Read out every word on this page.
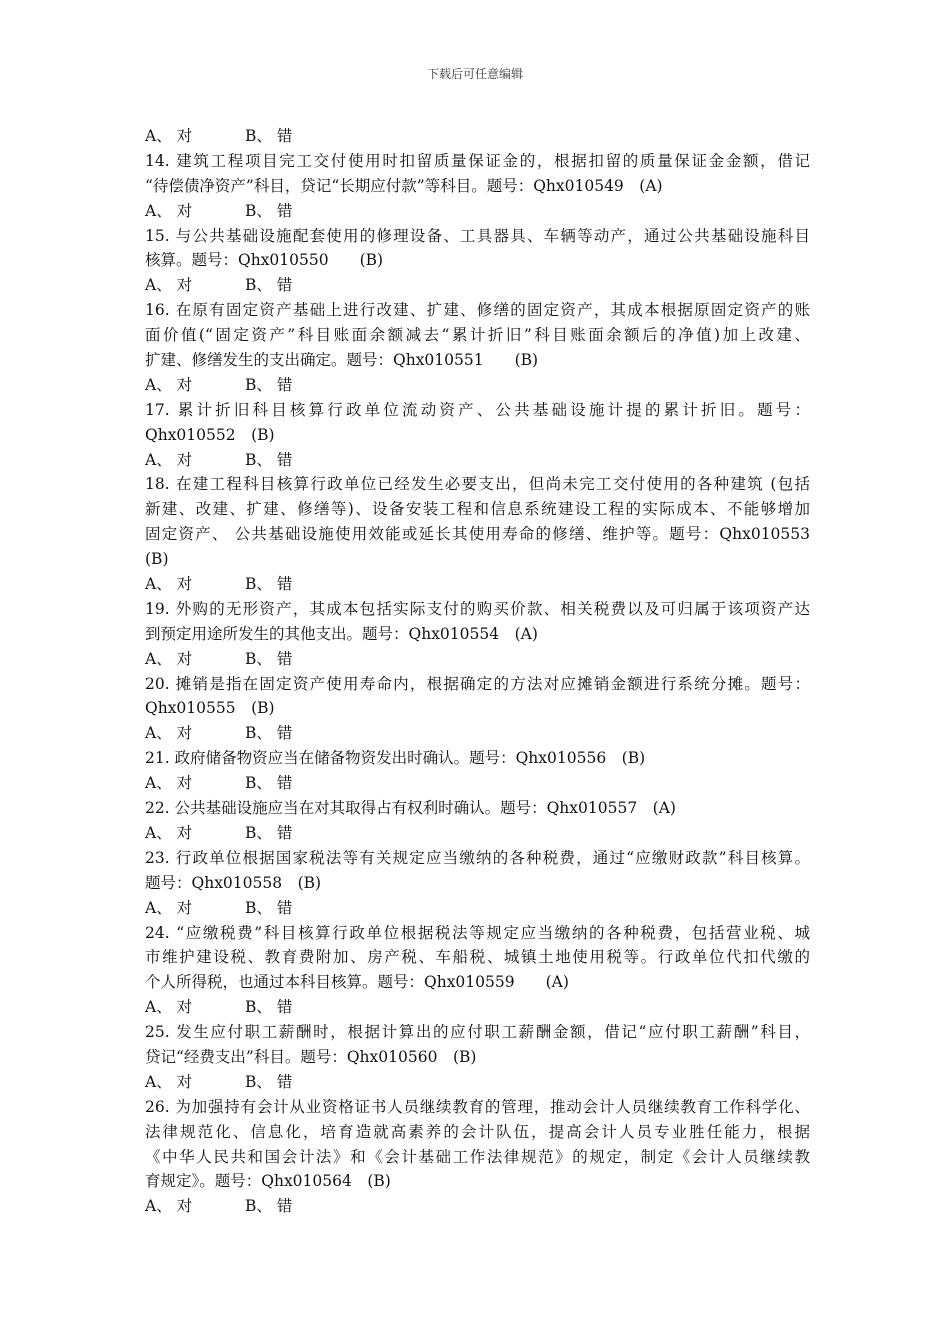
下载后可任意编辑
A、 对	B、 错
14. 建筑工程项目完工交付使用时扣留质量保证金的，根据扣留的质量保证金金额，借记
“待偿债净资产”科目，贷记“长期应付款”等科目。题号：Qhx010549　(A)
A、 对	B、 错
15. 与公共基础设施配套使用的修理设备、工具器具、车辆等动产，通过公共基础设施科目
核算。题号：Qhx010550　　(B)
A、 对	B、 错
16. 在原有固定资产基础上进行改建、扩建、修缮的固定资产，其成本根据原固定资产的账
面价值(“固定资产”科目账面余额减去“累计折旧”科目账面余额后的净值)加上改建、
扩建、修缮发生的支出确定。题号：Qhx010551　　(B)
A、 对	B、 错
17. 累计折旧科目核算行政单位流动资产、公共基础设施计提的累计折旧。题号：
Qhx010552　(B)
A、 对	B、 错
18. 在建工程科目核算行政单位已经发生必要支出，但尚未完工交付使用的各种建筑 (包括
新建、改建、扩建、修缮等)、设备安装工程和信息系统建设工程的实际成本、不能够增加
固定资产、 公共基础设施使用效能或延长其使用寿命的修缮、维护等。题号：Qhx010553
(B)
A、 对	B、 错
19. 外购的无形资产，其成本包括实际支付的购买价款、相关税费以及可归属于该项资产达
到预定用途所发生的其他支出。题号：Qhx010554　(A)
A、 对	B、 错
20. 摊销是指在固定资产使用寿命内，根据确定的方法对应摊销金额进行系统分摊。题号：
Qhx010555　(B)
A、 对	B、 错
21. 政府储备物资应当在储备物资发出时确认。题号：Qhx010556　(B)
A、 对	B、 错
22. 公共基础设施应当在对其取得占有权利时确认。题号：Qhx010557　(A)
A、 对	B、 错
23. 行政单位根据国家税法等有关规定应当缴纳的各种税费，通过“应缴财政款”科目核算。
题号：Qhx010558　(B)
A、 对	B、 错
24. “应缴税费”科目核算行政单位根据税法等规定应当缴纳的各种税费，包括营业税、城
市维护建设税、教育费附加、房产税、车船税、城镇土地使用税等。行政单位代扣代缴的
个人所得税，也通过本科目核算。题号：Qhx010559　　(A)
A、 对	B、 错
25. 发生应付职工薪酬时，根据计算出的应付职工薪酬金额，借记“应付职工薪酬”科目，
贷记“经费支出”科目。题号：Qhx010560　(B)
A、 对	B、 错
26. 为加强持有会计从业资格证书人员继续教育的管理，推动会计人员继续教育工作科学化、
法律规范化、信息化，培育造就高素养的会计队伍，提高会计人员专业胜任能力，根据
《中华人民共和国会计法》和《会计基础工作法律规范》的规定，制定《会计人员继续教
育规定》。题号：Qhx010564　(B)
A、 对	B、 错
